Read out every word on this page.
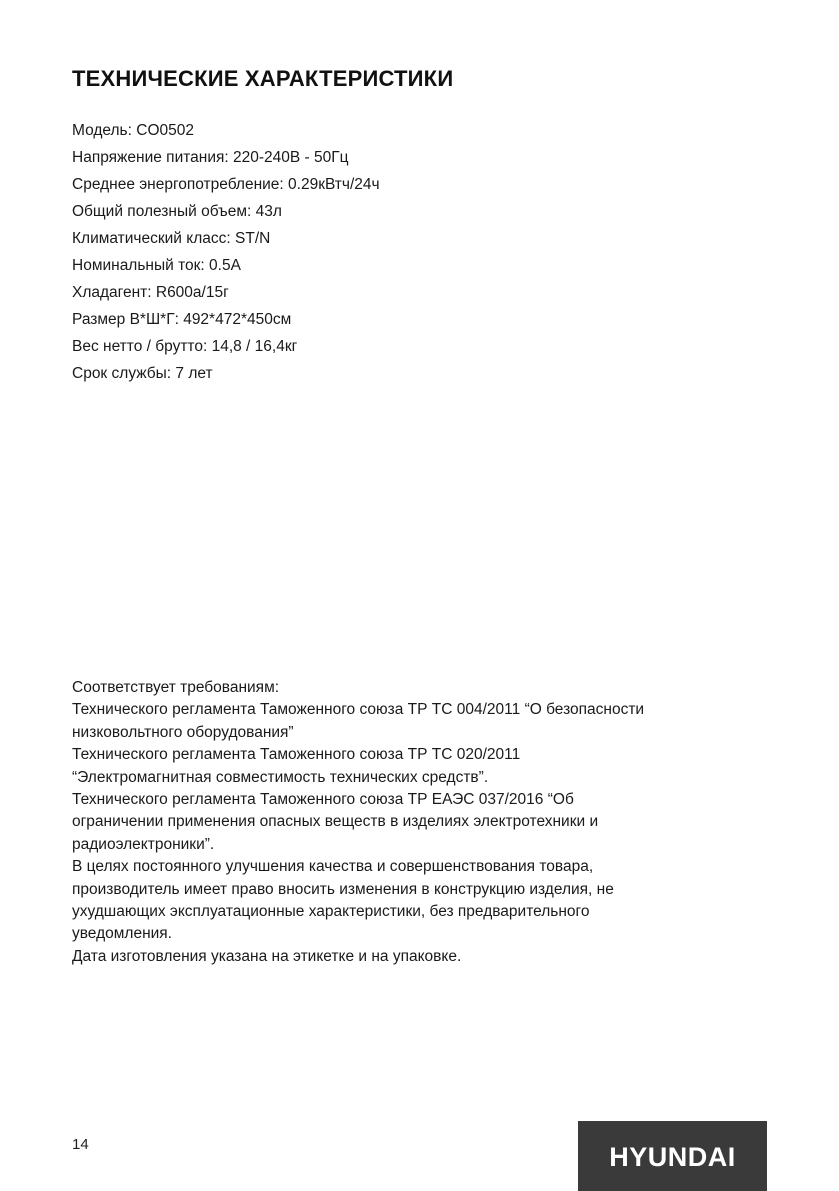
ТЕХНИЧЕСКИЕ ХАРАКТЕРИСТИКИ
Модель: CO0502
Напряжение питания: 220-240В - 50Гц
Среднее энергопотребление: 0.29кВтч/24ч
Общий полезный объем: 43л
Климатический класс: ST/N
Номинальный ток: 0.5А
Хладагент: R600a/15г
Размер В*Ш*Г: 492*472*450см
Вес нетто / брутто: 14,8 / 16,4кг
Срок службы: 7 лет
Соответствует требованиям:
Технического регламента Таможенного союза ТР ТС 004/2011 “О безопасности
низковольтного оборудования”
Технического регламента Таможенного союза ТР ТС 020/2011
“Электромагнитная совместимость технических средств”.
Технического регламента Таможенного союза ТР ЕАЭС 037/2016 “Об
ограничении применения опасных веществ в изделиях электротехники и
радиоэлектроники”.
В целях постоянного улучшения качества и совершенствования товара,
производитель имеет право вносить изменения в конструкцию изделия, не
ухудшающих эксплуатационные характеристики, без предварительного
уведомления.
Дата изготовления указана на этикетке и на упаковке.
14	HYUNDAI
